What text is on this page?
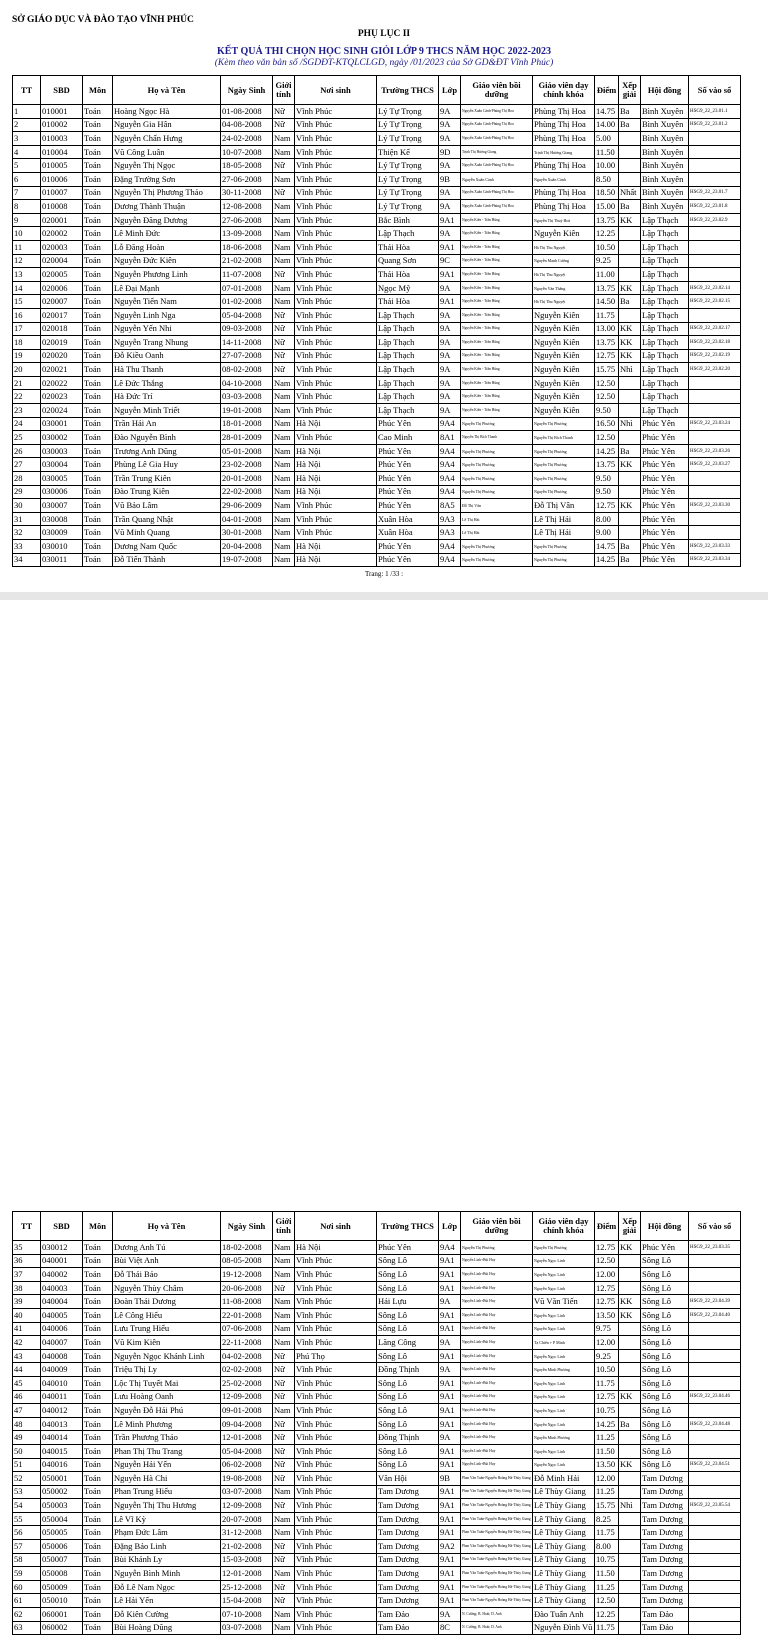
SỞ GIÁO DỤC VÀ ĐÀO TẠO VĨNH PHÚC
PHỤ LỤC II
KẾT QUẢ THI CHỌN HỌC SINH GIỎI LỚP 9 THCS NĂM HỌC 2022-2023
(Kèm theo văn bản số /SGDĐT-KTQLCLGD, ngày /01/2023 của Sở GD&ĐT Vĩnh Phúc)
TT	SBD	Môn	Họ và Tên	Ngày Sinh	Giới tính	Nơi sinh	Trường THCS	Lớp	Giáo viên bồi dưỡng	Giáo viên dạy chính khóa	Điểm	Xếp giải	Hội đồng	Số vào sổ
1	010001	Toán	Hoàng Ngọc Hà	01-08-2008	Nữ	Vĩnh Phúc	Lý Tự Trọng	9A	Nguyễn Xuân Cảnh-Phùng Thị Hoa	Phùng Thị Hoa	14.75	Ba	Bình Xuyên	HSG9_22_23.01.1
2	010002	Toán	Nguyễn Gia Hân	04-08-2008	Nữ	Vĩnh Phúc	Lý Tự Trọng	9A	Nguyễn Xuân Cảnh-Phùng Thị Hoa	Phùng Thị Hoa	14.00	Ba	Bình Xuyên	HSG9_22_23.01.2
3	010003	Toán	Nguyễn Chấn Hưng	24-02-2008	Nam	Vĩnh Phúc	Lý Tự Trọng	9A	Nguyễn Xuân Cảnh-Phùng Thị Hoa	Phùng Thị Hoa	5.00		Bình Xuyên	
4	010004	Toán	Vũ Công Luân	10-07-2008	Nam	Vĩnh Phúc	Thiện Kế	9D	Trịnh Thị Hương Giang	Trịnh Thị Hương Giang	11.50		Bình Xuyên	
5	010005	Toán	Nguyễn Thị Ngọc	18-05-2008	Nữ	Vĩnh Phúc	Lý Tự Trọng	9A	Nguyễn Xuân Cảnh-Phùng Thị Hoa	Phùng Thị Hoa	10.00		Bình Xuyên	
6	010006	Toán	Đặng Trường Sơn	27-06-2008	Nam	Vĩnh Phúc	Lý Tự Trọng	9B	Nguyễn Xuân Cảnh	Nguyễn Xuân Cảnh	8.50		Bình Xuyên	
7	010007	Toán	Nguyễn Thị Phương Thảo	30-11-2008	Nữ	Vĩnh Phúc	Lý Tự Trọng	9A	Nguyễn Xuân Cảnh-Phùng Thị Hoa	Phùng Thị Hoa	18.50	Nhất	Bình Xuyên	HSG9_22_23.01.7
8	010008	Toán	Dương Thành Thuận	12-08-2008	Nam	Vĩnh Phúc	Lý Tự Trọng	9A	Nguyễn Xuân Cảnh-Phùng Thị Hoa	Phùng Thị Hoa	15.00	Ba	Bình Xuyên	HSG9_22_23.01.8
9	020001	Toán	Nguyễn Đăng Dương	27-06-2008	Nam	Vĩnh Phúc	Bắc Bình	9A1	Nguyễn Kiên - Trần Hùng	Nguyễn Thị Thuý Hoà	13.75	KK	Lập Thạch	HSG9_22_23.02.9
10	020002	Toán	Lê Minh Đức	13-09-2008	Nam	Vĩnh Phúc	Lập Thạch	9A	Nguyễn Kiên - Trần Hùng	Nguyễn Kiên	12.25		Lập Thạch	
11	020003	Toán	Lỗ Đăng Hoàn	18-06-2008	Nam	Vĩnh Phúc	Thái Hòa	9A1	Nguyễn Kiên - Trần Hùng	Hà Thị Thu Nguyệt	10.50		Lập Thạch	
12	020004	Toán	Nguyễn Đức Kiên	21-02-2008	Nam	Vĩnh Phúc	Quang Sơn	9C	Nguyễn Kiên - Trần Hùng	Nguyễn Mạnh Cường	9.25		Lập Thạch	
13	020005	Toán	Nguyễn Phương Linh	11-07-2008	Nữ	Vĩnh Phúc	Thái Hòa	9A1	Nguyễn Kiên - Trần Hùng	Hà Thị Thu Nguyệt	11.00		Lập Thạch	
14	020006	Toán	Lê Đại Mạnh	07-01-2008	Nam	Vĩnh Phúc	Ngọc Mỹ	9A	Nguyễn Kiên - Trần Hùng	Nguyễn Văn Thắng	13.75	KK	Lập Thạch	HSG9_22_23.02.14
15	020007	Toán	Nguyễn Tiến Nam	01-02-2008	Nam	Vĩnh Phúc	Thái Hòa	9A1	Nguyễn Kiên - Trần Hùng	Hà Thị Thu Nguyệt	14.50	Ba	Lập Thạch	HSG9_22_23.02.15
16	020017	Toán	Nguyễn Linh Nga	05-04-2008	Nữ	Vĩnh Phúc	Lập Thạch	9A	Nguyễn Kiên - Trần Hùng	Nguyễn Kiên	11.75		Lập Thạch	
17	020018	Toán	Nguyễn Yến Nhi	09-03-2008	Nữ	Vĩnh Phúc	Lập Thạch	9A	Nguyễn Kiên - Trần Hùng	Nguyễn Kiên	13.00	KK	Lập Thạch	HSG9_22_23.02.17
18	020019	Toán	Nguyễn Trang Nhung	14-11-2008	Nữ	Vĩnh Phúc	Lập Thạch	9A	Nguyễn Kiên - Trần Hùng	Nguyễn Kiên	13.75	KK	Lập Thạch	HSG9_22_23.02.18
19	020020	Toán	Đỗ Kiều Oanh	27-07-2008	Nữ	Vĩnh Phúc	Lập Thạch	9A	Nguyễn Kiên - Trần Hùng	Nguyễn Kiên	12.75	KK	Lập Thạch	HSG9_22_23.02.19
20	020021	Toán	Hà Thu Thanh	08-02-2008	Nữ	Vĩnh Phúc	Lập Thạch	9A	Nguyễn Kiên - Trần Hùng	Nguyễn Kiên	15.75	Nhì	Lập Thạch	HSG9_22_23.02.20
21	020022	Toán	Lê Đức Thắng	04-10-2008	Nam	Vĩnh Phúc	Lập Thạch	9A	Nguyễn Kiên - Trần Hùng	Nguyễn Kiên	12.50		Lập Thạch	
22	020023	Toán	Hà Đức Trí	03-03-2008	Nam	Vĩnh Phúc	Lập Thạch	9A	Nguyễn Kiên - Trần Hùng	Nguyễn Kiên	12.50		Lập Thạch	
23	020024	Toán	Nguyễn Minh Triết	19-01-2008	Nam	Vĩnh Phúc	Lập Thạch	9A	Nguyễn Kiên - Trần Hùng	Nguyễn Kiên	9.50		Lập Thạch	
24	030001	Toán	Trần Hải An	18-01-2008	Nam	Hà Nội	Phúc Yên	9A4	Nguyễn Thị Phương	Nguyễn Thị Phương	16.50	Nhì	Phúc Yên	HSG9_22_23.03.24
25	030002	Toán	Đào Nguyễn Bình	28-01-2009	Nam	Vĩnh Phúc	Cao Minh	8A1	Nguyễn Thị Bích Thanh	Nguyễn Thị Bích Thanh	12.50		Phúc Yên	
26	030003	Toán	Trương Anh Dũng	05-01-2008	Nam	Hà Nội	Phúc Yên	9A4	Nguyễn Thị Phương	Nguyễn Thị Phương	14.25	Ba	Phúc Yên	HSG9_22_23.03.26
27	030004	Toán	Phùng Lê Gia Huy	23-02-2008	Nam	Hà Nội	Phúc Yên	9A4	Nguyễn Thị Phương	Nguyễn Thị Phương	13.75	KK	Phúc Yên	HSG9_22_23.03.27
28	030005	Toán	Trần Trung Kiên	20-01-2008	Nam	Hà Nội	Phúc Yên	9A4	Nguyễn Thị Phương	Nguyễn Thị Phương	9.50		Phúc Yên	
29	030006	Toán	Đào Trung Kiên	22-02-2008	Nam	Hà Nội	Phúc Yên	9A4	Nguyễn Thị Phương	Nguyễn Thị Phương	9.50		Phúc Yên	
30	030007	Toán	Vũ Bảo Lâm	29-06-2009	Nam	Vĩnh Phúc	Phúc Yên	8A5	Đỗ Thị Vân	Đỗ Thị Vân	12.75	KK	Phúc Yên	HSG9_22_23.03.30
31	030008	Toán	Trần Quang Nhật	04-01-2008	Nam	Vĩnh Phúc	Xuân Hòa	9A3	Lê Thị Hải	Lê Thị Hải	8.00		Phúc Yên	
32	030009	Toán	Vũ Minh Quang	30-01-2008	Nam	Vĩnh Phúc	Xuân Hòa	9A3	Lê Thị Hải	Lê Thị Hải	9.00		Phúc Yên	
33	030010	Toán	Dương Nam Quốc	20-04-2008	Nam	Hà Nội	Phúc Yên	9A4	Nguyễn Thị Phương	Nguyễn Thị Phương	14.75	Ba	Phúc Yên	HSG9_22_23.03.33
34	030011	Toán	Đỗ Tiến Thành	19-07-2008	Nam	Hà Nội	Phúc Yên	9A4	Nguyễn Thị Phương	Nguyễn Thị Phương	14.25	Ba	Phúc Yên	HSG9_22_23.03.34
Trang: 1 /33 :
TT	SBD	Môn	Họ và Tên	Ngày Sinh	Giới tính	Nơi sinh	Trường THCS	Lớp	Giáo viên bồi dưỡng	Giáo viên dạy chính khóa	Điểm	Xếp giải	Hội đồng	Số vào sổ
35	030012	Toán	Dương Anh Tú	18-02-2008	Nam	Hà Nội	Phúc Yên	9A4	Nguyễn Thị Phương	Nguyễn Thị Phương	12.75	KK	Phúc Yên	HSG9_22_23.03.35
36	040001	Toán	Bùi Việt Anh	08-05-2008	Nam	Vĩnh Phúc	Sông Lô	9A1	Nguyễn Linh+Bùi Huy	Nguyễn Ngọc Linh	12.50		Sông Lô	
37	040002	Toán	Đỗ Thái Bảo	19-12-2008	Nam	Vĩnh Phúc	Sông Lô	9A1	Nguyễn Linh+Bùi Huy	Nguyễn Ngọc Linh	12.00		Sông Lô	
38	040003	Toán	Nguyễn Thùy Châm	20-06-2008	Nữ	Vĩnh Phúc	Sông Lô	9A1	Nguyễn Linh+Bùi Huy	Nguyễn Ngọc Linh	12.75		Sông Lô	
39	040004	Toán	Đoàn Thái Dương	11-08-2008	Nam	Vĩnh Phúc	Hải Lựu	9A	Nguyễn Linh+Bùi Huy	Vũ Văn Tiến	12.75	KK	Sông Lô	HSG9_22_23.04.39
40	040005	Toán	Lê Công Hiếu	22-01-2008	Nam	Vĩnh Phúc	Sông Lô	9A1	Nguyễn Linh+Bùi Huy	Nguyễn Ngọc Linh	13.50	KK	Sông Lô	HSG9_22_23.04.40
41	040006	Toán	Lưu Trung Hiếu	07-06-2008	Nam	Vĩnh Phúc	Sông Lô	9A1	Nguyễn Linh+Bùi Huy	Nguyễn Ngọc Linh	9.75		Sông Lô	
42	040007	Toán	Vũ Kim Kiên	22-11-2008	Nam	Vĩnh Phúc	Lãng Công	9A	Nguyễn Linh+Bùi Huy	Tạ Chiến + P Minh	12.00		Sông Lô	
43	040008	Toán	Nguyễn Ngọc Khánh Linh	04-02-2008	Nữ	Phú Thọ	Sông Lô	9A1	Nguyễn Linh+Bùi Huy	Nguyễn Ngọc Linh	9.25		Sông Lô	
44	040009	Toán	Triệu Thị Ly	02-02-2008	Nữ	Vĩnh Phúc	Đồng Thịnh	9A	Nguyễn Linh+Bùi Huy	Nguyễn Minh Phương	10.50		Sông Lô	
45	040010	Toán	Lộc Thị Tuyết Mai	25-02-2008	Nữ	Vĩnh Phúc	Sông Lô	9A1	Nguyễn Linh+Bùi Huy	Nguyễn Ngọc Linh	11.75		Sông Lô	
46	040011	Toán	Lưu Hoàng Oanh	12-09-2008	Nữ	Vĩnh Phúc	Sông Lô	9A1	Nguyễn Linh+Bùi Huy	Nguyễn Ngọc Linh	12.75	KK	Sông Lô	HSG9_22_23.04.46
47	040012	Toán	Nguyễn Đỗ Hải Phú	09-01-2008	Nam	Vĩnh Phúc	Sông Lô	9A1	Nguyễn Linh+Bùi Huy	Nguyễn Ngọc Linh	10.75		Sông Lô	
48	040013	Toán	Lê Minh Phương	09-04-2008	Nữ	Vĩnh Phúc	Sông Lô	9A1	Nguyễn Linh+Bùi Huy	Nguyễn Ngọc Linh	14.25	Ba	Sông Lô	HSG9_22_23.04.48
49	040014	Toán	Trần Phương Thảo	12-01-2008	Nữ	Vĩnh Phúc	Đồng Thịnh	9A	Nguyễn Linh+Bùi Huy	Nguyễn Minh Phương	11.25		Sông Lô	
50	040015	Toán	Phan Thị Thu Trang	05-04-2008	Nữ	Vĩnh Phúc	Sông Lô	9A1	Nguyễn Linh+Bùi Huy	Nguyễn Ngọc Linh	11.50		Sông Lô	
51	040016	Toán	Nguyễn Hải Yến	06-02-2008	Nữ	Vĩnh Phúc	Sông Lô	9A1	Nguyễn Linh+Bùi Huy	Nguyễn Ngọc Linh	13.50	KK	Sông Lô	HSG9_22_23.04.51
52	050001	Toán	Nguyễn Hà Chi	19-08-2008	Nữ	Vĩnh Phúc	Văn Hội	9B	Phan Văn Tuấn-Nguyễn Hoàng Hà-Thùy Giang	Đỗ Minh Hải	12.00		Tam Dương	
53	050002	Toán	Phan Trung Hiếu	03-07-2008	Nam	Vĩnh Phúc	Tam Dương	9A1	Phan Văn Tuấn-Nguyễn Hoàng Hà-Thùy Giang	Lê Thùy Giang	11.25		Tam Dương	
54	050003	Toán	Nguyễn Thị Thu Hương	12-09-2008	Nữ	Vĩnh Phúc	Tam Dương	9A1	Phan Văn Tuấn-Nguyễn Hoàng Hà-Thùy Giang	Lê Thùy Giang	15.75	Nhì	Tam Dương	HSG9_22_23.05.54
55	050004	Toán	Lê Vĩ Kỳ	20-07-2008	Nam	Vĩnh Phúc	Tam Dương	9A1	Phan Văn Tuấn-Nguyễn Hoàng Hà-Thùy Giang	Lê Thùy Giang	8.25		Tam Dương	
56	050005	Toán	Phạm Đức Lâm	31-12-2008	Nam	Vĩnh Phúc	Tam Dương	9A1	Phan Văn Tuấn-Nguyễn Hoàng Hà-Thùy Giang	Lê Thùy Giang	11.75		Tam Dương	
57	050006	Toán	Đặng Bảo Linh	21-02-2008	Nữ	Vĩnh Phúc	Tam Dương	9A2	Phan Văn Tuấn-Nguyễn Hoàng Hà-Thùy Giang	Lê Thùy Giang	8.00		Tam Dương	
58	050007	Toán	Bùi Khánh Ly	15-03-2008	Nữ	Vĩnh Phúc	Tam Dương	9A1	Phan Văn Tuấn-Nguyễn Hoàng Hà-Thùy Giang	Lê Thùy Giang	10.75		Tam Dương	
59	050008	Toán	Nguyễn Bình Minh	12-01-2008	Nam	Vĩnh Phúc	Tam Dương	9A1	Phan Văn Tuấn-Nguyễn Hoàng Hà-Thùy Giang	Lê Thùy Giang	11.50		Tam Dương	
60	050009	Toán	Đỗ Lê Nam Ngọc	25-12-2008	Nữ	Vĩnh Phúc	Tam Dương	9A1	Phan Văn Tuấn-Nguyễn Hoàng Hà-Thùy Giang	Lê Thùy Giang	11.25		Tam Dương	
61	050010	Toán	Lê Hải Yến	15-04-2008	Nữ	Vĩnh Phúc	Tam Dương	9A1	Phan Văn Tuấn-Nguyễn Hoàng Hà-Thùy Giang	Lê Thùy Giang	12.50		Tam Dương	
62	060001	Toán	Đỗ Kiên Cường	07-10-2008	Nam	Vĩnh Phúc	Tam Đảo	9A	N. Cường; B. Hoàt; D. Anh	Đào Tuấn Anh	12.25		Tam Đảo	
63	060002	Toán	Bùi Hoàng Dũng	03-07-2008	Nam	Vĩnh Phúc	Tam Đảo	8C	N. Cường; B. Hoàt; D. Anh	Nguyễn Đình Vũ	11.75		Tam Đảo	
